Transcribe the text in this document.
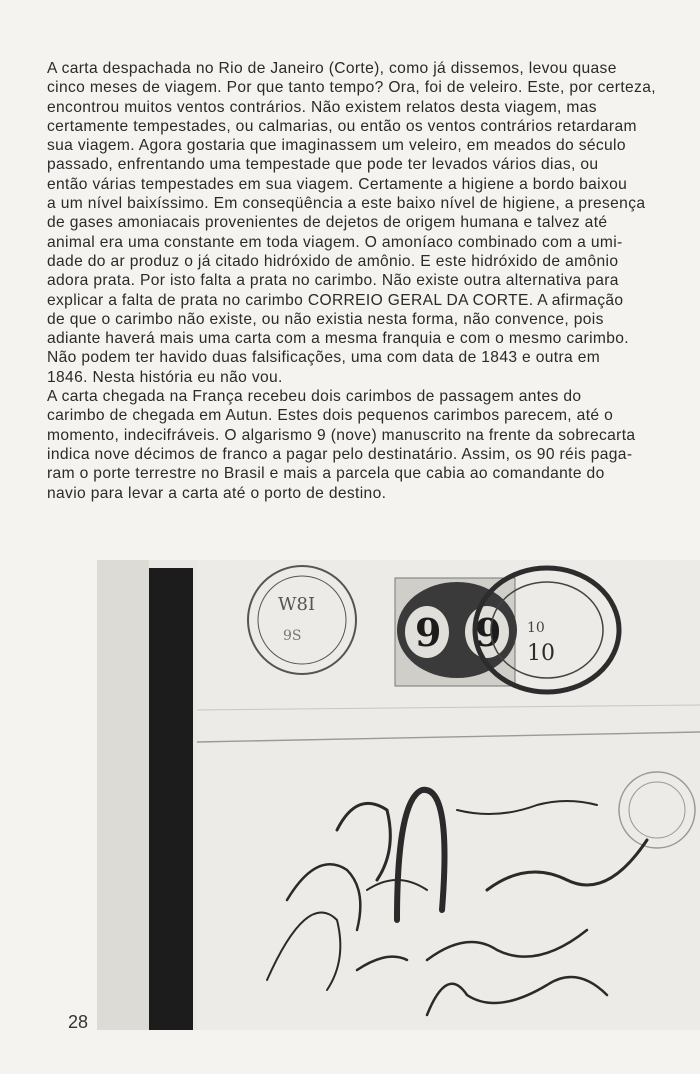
A carta despachada no Rio de Janeiro (Corte), como já dissemos, levou quase
cinco meses de viagem. Por que tanto tempo? Ora, foi de veleiro. Este, por certeza,
encontrou muitos ventos contrários. Não existem relatos desta viagem, mas
certamente tempestades, ou calmarias, ou então os ventos contrários retardaram
sua viagem. Agora gostaria que imaginassem um veleiro, em meados do século
passado, enfrentando uma tempestade que pode ter levados vários dias, ou
então várias tempestades em sua viagem. Certamente a higiene a bordo baixou
a um nível baixíssimo. Em conseqüência a este baixo nível de higiene, a presença
de gases amoniacais provenientes de dejetos de origem humana e talvez até
animal era uma constante em toda viagem. O amoníaco combinado com a umi-
dade do ar produz o já citado hidróxido de amônio. E este hidróxido de amônio
adora prata. Por isto falta a prata no carimbo. Não existe outra alternativa para
explicar a falta de prata no carimbo CORREIO GERAL DA CORTE. A afirmação
de que o carimbo não existe, ou não existia nesta forma, não convence, pois
adiante haverá mais uma carta com a mesma franquia e com o mesmo carimbo.
Não podem ter havido duas falsificações, uma com data de 1843 e outra em
1846. Nesta história eu não vou.
A carta chegada na França recebeu dois carimbos de passagem antes do
carimbo de chegada em Autun. Estes dois pequenos carimbos parecem, até o
momento, indecifráveis. O algarismo 9 (nove) manuscrito na frente da sobrecarta
indica nove décimos de franco a pagar pelo destinatário. Assim, os 90 réis paga-
ram o porte terrestre no Brasil e mais a parcela que cabia ao comandante do
navio para levar a carta até o porto de destino.
W8I
9S	9 9 10
10
28
